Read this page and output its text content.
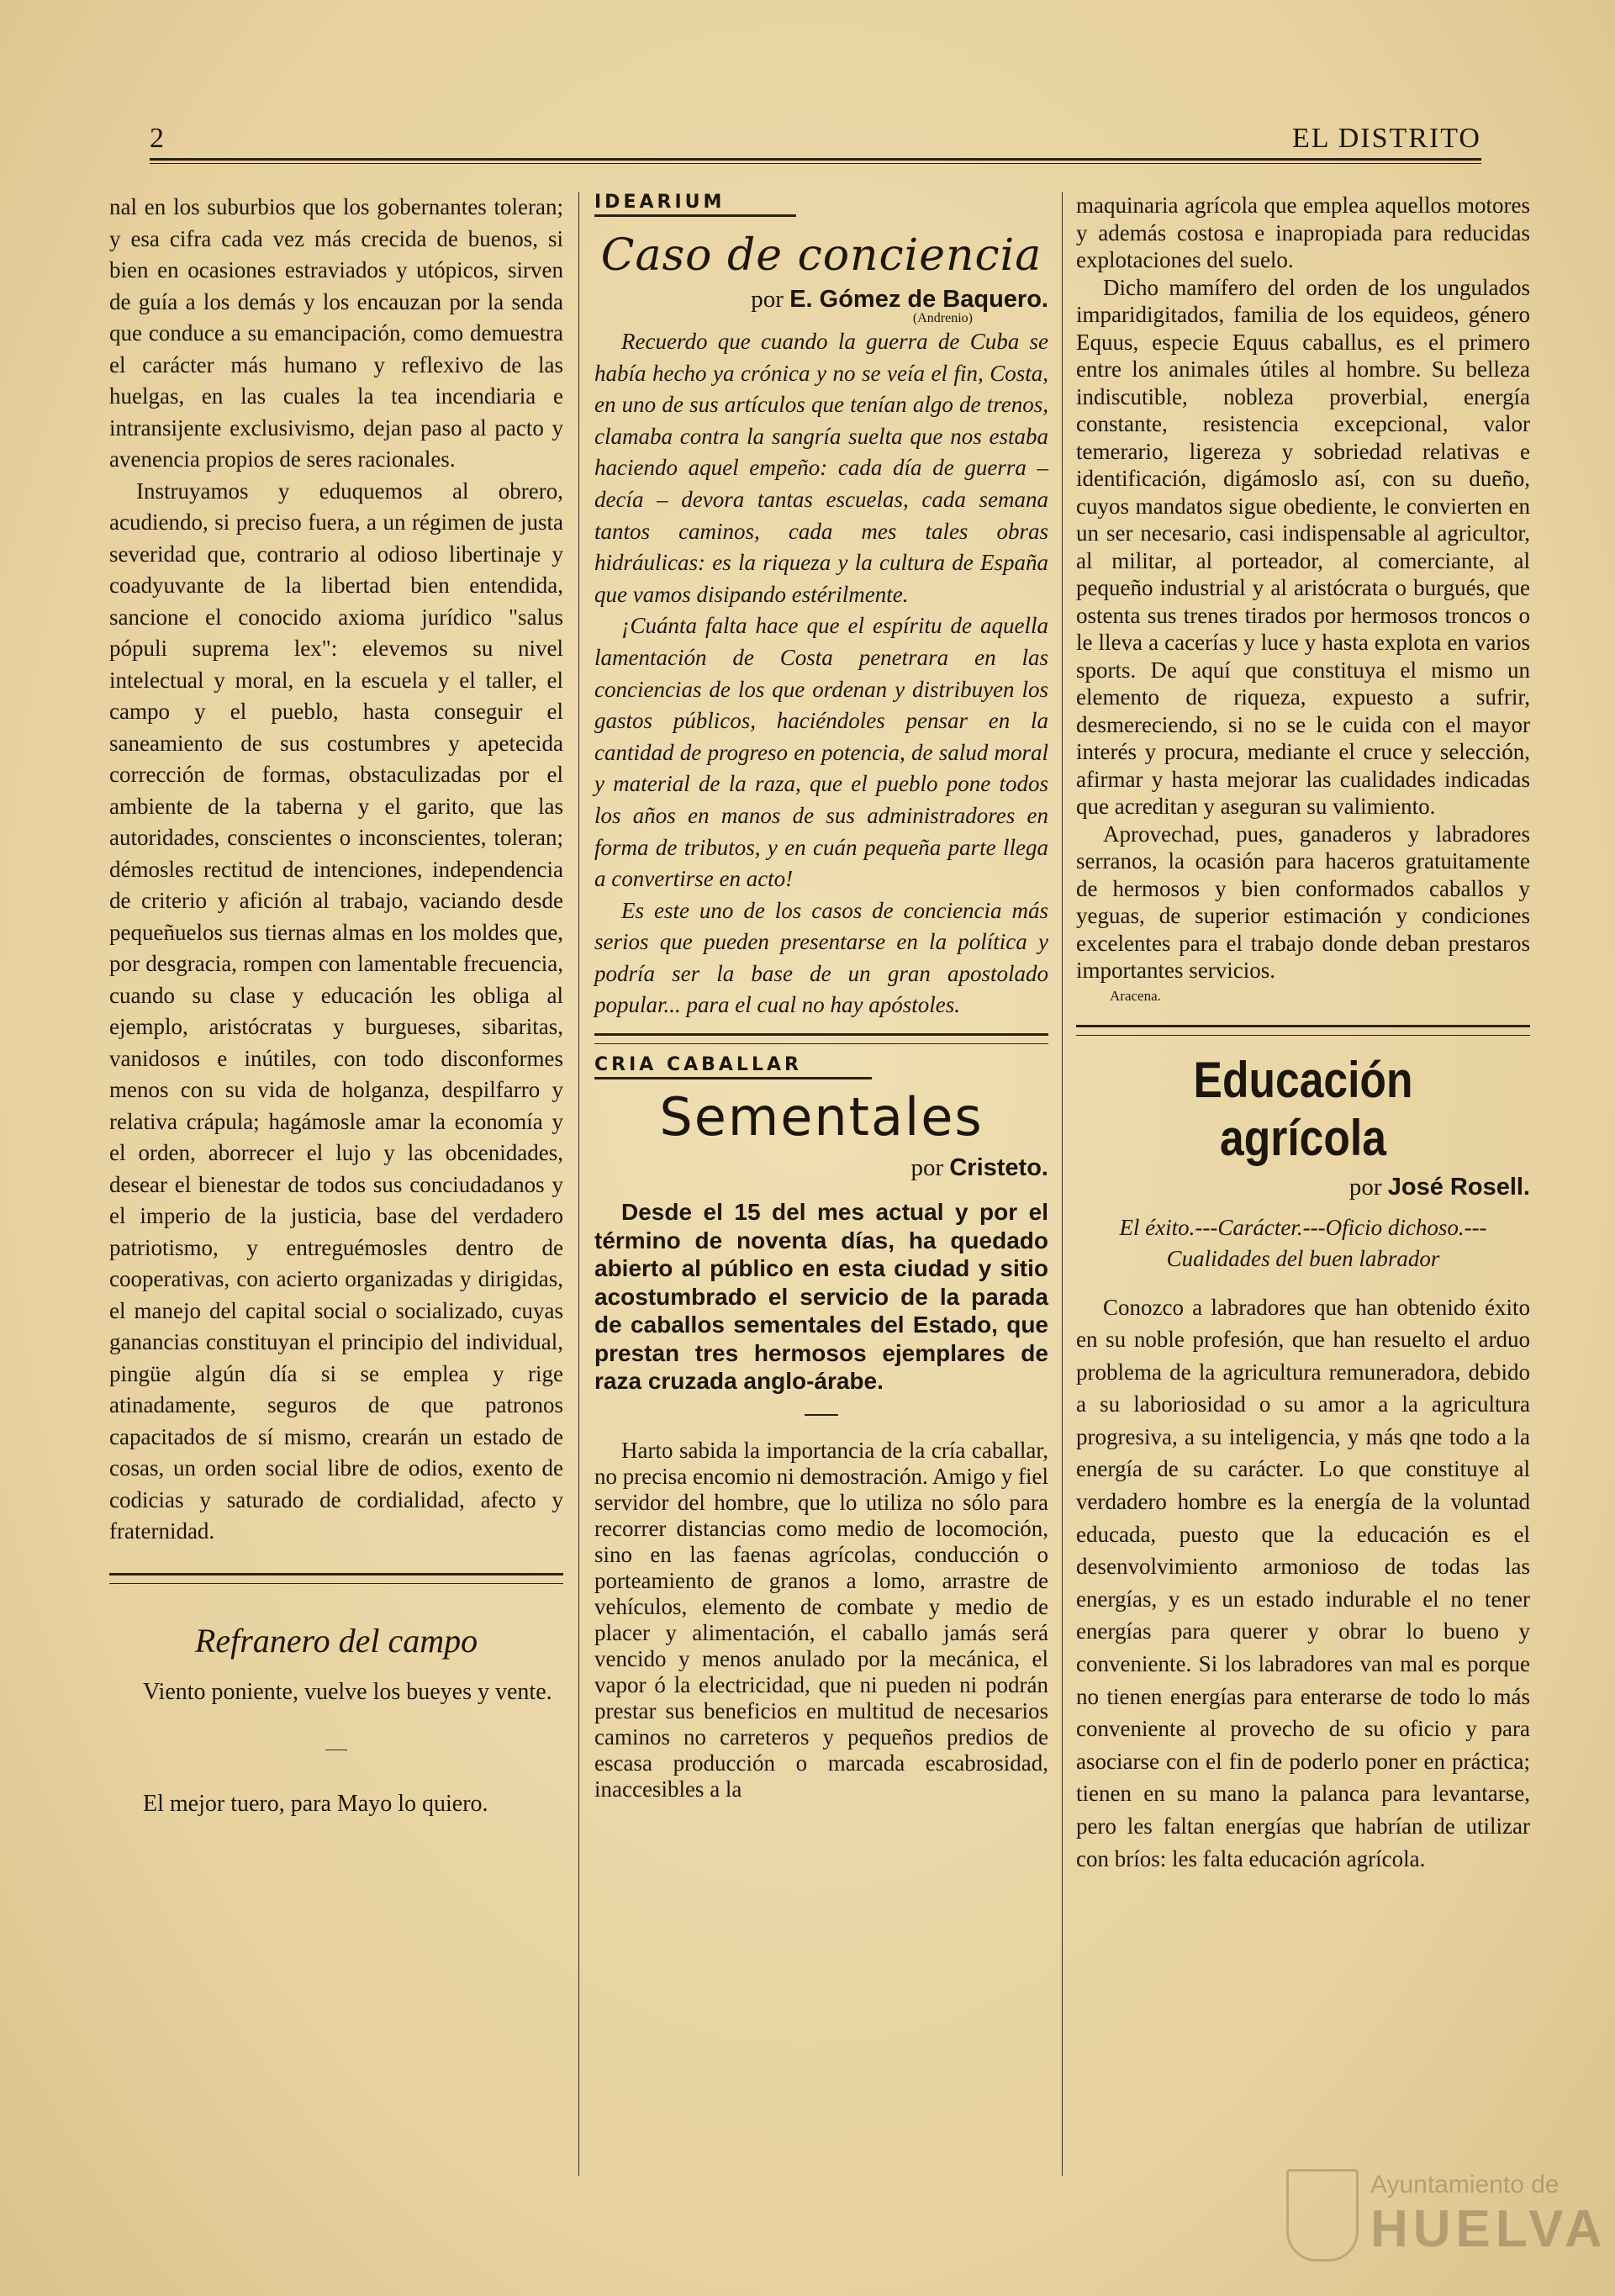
2	EL DISTRITO

nal en los suburbios que los gobernantes toleran; y esa cifra cada vez más crecida de buenos, si bien en ocasiones estraviados y utópicos, sirven de guía a los demás y los encauzan por la senda que conduce a su emancipación, como demuestra el carácter más humano y reflexivo de las huelgas, en las cuales la tea incendiaria e intransijente exclusivismo, dejan paso al pacto y avenencia propios de seres racionales.

Instruyamos y eduquemos al obrero, acudiendo, si preciso fuera, a un régimen de justa severidad que, contrario al odioso libertinaje y coadyuvante de la libertad bien entendida, sancione el conocido axioma jurídico "salus pópuli suprema lex": elevemos su nivel intelectual y moral, en la escuela y el taller, el campo y el pueblo, hasta conseguir el saneamiento de sus costumbres y apetecida corrección de formas, obstaculizadas por el ambiente de la taberna y el garito, que las autoridades, conscientes o inconscientes, toleran; démosles rectitud de intenciones, independencia de criterio y afición al trabajo, vaciando desde pequeñuelos sus tiernas almas en los moldes que, por desgracia, rompen con lamentable frecuencia, cuando su clase y educación les obliga al ejemplo, aristócratas y burgueses, sibaritas, vanidosos e inútiles, con todo disconformes menos con su vida de holganza, despilfarro y relativa crápula; hagámosle amar la economía y el orden, aborrecer el lujo y las obcenidades, desear el bienestar de todos sus conciudadanos y el imperio de la justicia, base del verdadero patriotismo, y entreguémosles dentro de cooperativas, con acierto organizadas y dirigidas, el manejo del capital social o socializado, cuyas ganancias constituyan el principio del individual, pingüe algún día si se emplea y rige atinadamente, seguros de que patronos capacitados de sí mismo, crearán un estado de cosas, un orden social libre de odios, exento de codicias y saturado de cordialidad, afecto y fraternidad.

Refranero del campo

Viento poniente, vuelve los bueyes y vente.

El mejor tuero, para Mayo lo quiero.

IDEARIUM
Caso de conciencia
por E. Gómez de Baquero.
(Andrenio)

Recuerdo que cuando la guerra de Cuba se había hecho ya crónica y no se veía el fin, Costa, en uno de sus artículos que tenían algo de trenos, clamaba contra la sangría suelta que nos estaba haciendo aquel empeño: cada día de guerra – decía – devora tantas escuelas, cada semana tantos caminos, cada mes tales obras hidráulicas: es la riqueza y la cultura de España que vamos disipando estérilmente.

¡Cuánta falta hace que el espíritu de aquella lamentación de Costa penetrara en las conciencias de los que ordenan y distribuyen los gastos públicos, haciéndoles pensar en la cantidad de progreso en potencia, de salud moral y material de la raza, que el pueblo pone todos los años en manos de sus administradores en forma de tributos, y en cuán pequeña parte llega a convertirse en acto!

Es este uno de los casos de conciencia más serios que pueden presentarse en la política y podría ser la base de un gran apostolado popular... para el cual no hay apóstoles.

CRIA CABALLAR
Sementales
por Cristeto.

Desde el 15 del mes actual y por el término de noventa días, ha quedado abierto al público en esta ciudad y sitio acostumbrado el servicio de la parada de caballos sementales del Estado, que prestan tres hermosos ejemplares de raza cruzada anglo-árabe.

Harto sabida la importancia de la cría caballar, no precisa encomio ni demostración. Amigo y fiel servidor del hombre, que lo utiliza no sólo para recorrer distancias como medio de locomoción, sino en las faenas agrícolas, conducción o porteamiento de granos a lomo, arrastre de vehículos, elemento de combate y medio de placer y alimentación, el caballo jamás será vencido y menos anulado por la mecánica, el vapor ó la electricidad, que ni pueden ni podrán prestar sus beneficios en multitud de necesarios caminos no carreteros y pequeños predios de escasa producción o marcada escabrosidad, inaccesibles a la

maquinaria agrícola que emplea aquellos motores y además costosa e inapropiada para reducidas explotaciones del suelo.

Dicho mamífero del orden de los ungulados imparidigitados, familia de los equideos, género Equus, especie Equus caballus, es el primero entre los animales útiles al hombre. Su belleza indiscutible, nobleza proverbial, energía constante, resistencia excepcional, valor temerario, ligereza y sobriedad relativas e identificación, digámoslo así, con su dueño, cuyos mandatos sigue obediente, le convierten en un ser necesario, casi indispensable al agricultor, al militar, al porteador, al comerciante, al pequeño industrial y al aristócrata o burgués, que ostenta sus trenes tirados por hermosos troncos o le lleva a cacerías y luce y hasta explota en varios sports. De aquí que constituya el mismo un elemento de riqueza, expuesto a sufrir, desmereciendo, si no se le cuida con el mayor interés y procura, mediante el cruce y selección, afirmar y hasta mejorar las cualidades indicadas que acreditan y aseguran su valimiento.

Aprovechad, pues, ganaderos y labradores serranos, la ocasión para haceros gratuitamente de hermosos y bien conformados caballos y yeguas, de superior estimación y condiciones excelentes para el trabajo donde deban prestaros importantes servicios.

Aracena.
Educación agrícola
por José Rosell.
El éxito.---Carácter.---Oficio dichoso.--- Cualidades del buen labrador

Conozco a labradores que han obtenido éxito en su noble profesión, que han resuelto el arduo problema de la agricultura remuneradora, debido a su laboriosidad o su amor a la agricultura progresiva, a su inteligencia, y más qne todo a la energía de su carácter. Lo que constituye al verdadero hombre es la energía de la voluntad educada, puesto que la educación es el desenvolvimiento armonioso de todas las energías, y es un estado indurable el no tener energías para querer y obrar lo bueno y conveniente. Si los labradores van mal es porque no tienen energías para enterarse de todo lo más conveniente al provecho de su oficio y para asociarse con el fin de poderlo poner en práctica; tienen en su mano la palanca para levantarse, pero les faltan energías que habrían de utilizar con bríos: les falta educación agrícola.

Ayuntamiento de
HUELVA
